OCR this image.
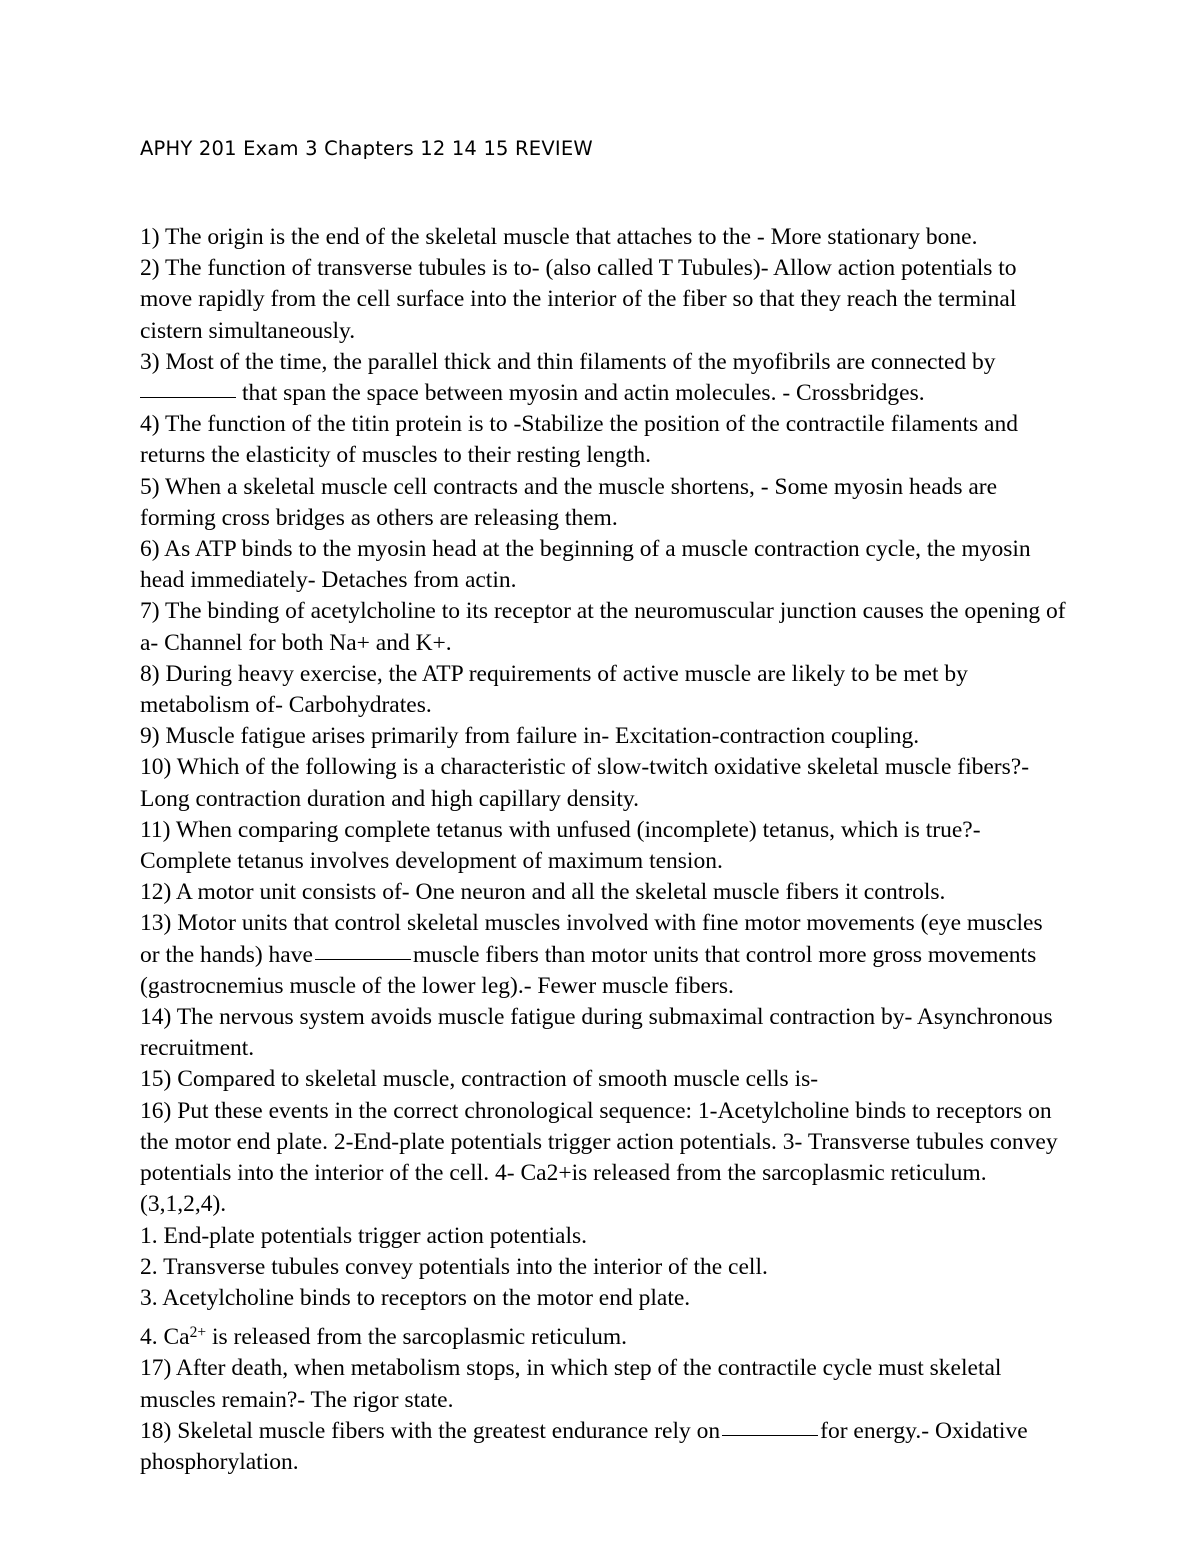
APHY 201 Exam 3 Chapters 12 14 15 REVIEW

1) The origin is the end of the skeletal muscle that attaches to the - More stationary bone.

2) The function of transverse tubules is to- (also called T Tubules)- Allow action potentials to move rapidly from the cell surface into the interior of the fiber so that they reach the terminal cistern simultaneously.

3) Most of the time, the parallel thick and thin filaments of the myofibrils are connected by
that span the space between myosin and actin molecules. - Crossbridges.

4) The function of the titin protein is to -Stabilize the position of the contractile filaments and returns the elasticity of muscles to their resting length.

5) When a skeletal muscle cell contracts and the muscle shortens, - Some myosin heads are forming cross bridges as others are releasing them.

6) As ATP binds to the myosin head at the beginning of a muscle contraction cycle, the myosin head immediately- Detaches from actin.

7) The binding of acetylcholine to its receptor at the neuromuscular junction causes the opening of a- Channel for both Na+ and K+.

8) During heavy exercise, the ATP requirements of active muscle are likely to be met by metabolism of- Carbohydrates.

9) Muscle fatigue arises primarily from failure in- Excitation-contraction coupling.

10) Which of the following is a characteristic of slow-twitch oxidative skeletal muscle fibers?- Long contraction duration and high capillary density.

11) When comparing complete tetanus with unfused (incomplete) tetanus, which is true?- Complete tetanus involves development of maximum tension.

12) A motor unit consists of- One neuron and all the skeletal muscle fibers it controls.

13) Motor units that control skeletal muscles involved with fine motor movements (eye muscles or the hands) have	muscle fibers than motor units that control more gross movements (gastrocnemius muscle of the lower leg).- Fewer muscle fibers.

14) The nervous system avoids muscle fatigue during submaximal contraction by- Asynchronous recruitment.

15) Compared to skeletal muscle, contraction of smooth muscle cells is-

16) Put these events in the correct chronological sequence: 1-Acetylcholine binds to receptors on the motor end plate. 2-End-plate potentials trigger action potentials. 3- Transverse tubules convey potentials into the interior of the cell. 4- Ca2+is released from the sarcoplasmic reticulum. (3,1,2,4).

1. End-plate potentials trigger action potentials.

2. Transverse tubules convey potentials into the interior of the cell.

3. Acetylcholine binds to receptors on the motor end plate.

4. $Ca^{2+}$ is released from the sarcoplasmic reticulum.

17) After death, when metabolism stops, in which step of the contractile cycle must skeletal muscles remain?- The rigor state.

18) Skeletal muscle fibers with the greatest endurance rely on	for energy.- Oxidative phosphorylation.
